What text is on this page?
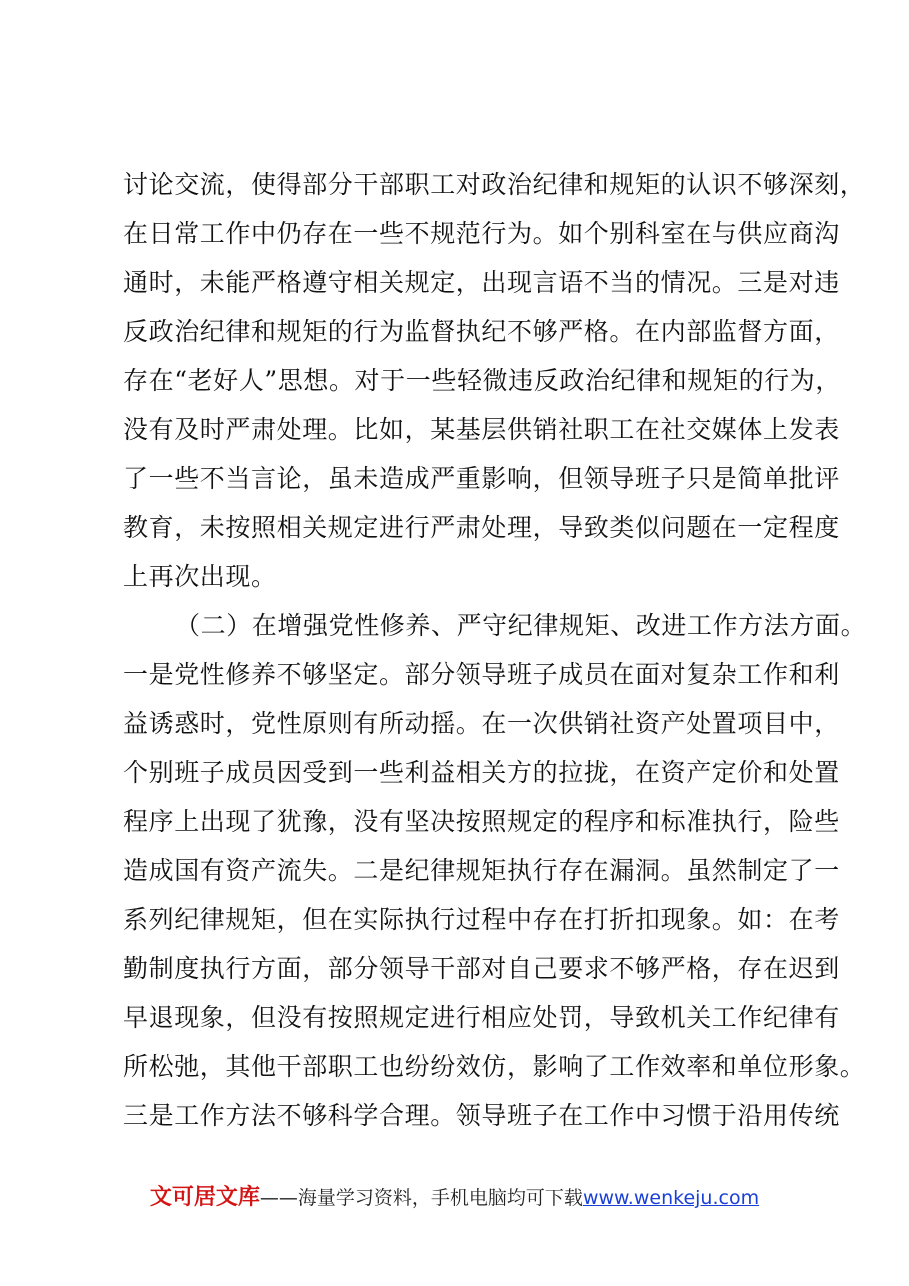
讨论交流，使得部分干部职工对政治纪律和规矩的认识不够深刻，
在日常工作中仍存在一些不规范行为。如个别科室在与供应商沟
通时，未能严格遵守相关规定，出现言语不当的情况。三是对违
反政治纪律和规矩的行为监督执纪不够严格。在内部监督方面，
存在“老好人”思想。对于一些轻微违反政治纪律和规矩的行为，
没有及时严肃处理。比如，某基层供销社职工在社交媒体上发表
了一些不当言论，虽未造成严重影响，但领导班子只是简单批评
教育，未按照相关规定进行严肃处理，导致类似问题在一定程度
上再次出现。
（二）在增强党性修养、严守纪律规矩、改进工作方法方面。
一是党性修养不够坚定。部分领导班子成员在面对复杂工作和利
益诱惑时，党性原则有所动摇。在一次供销社资产处置项目中，
个别班子成员因受到一些利益相关方的拉拢，在资产定价和处置
程序上出现了犹豫，没有坚决按照规定的程序和标准执行，险些
造成国有资产流失。二是纪律规矩执行存在漏洞。虽然制定了一
系列纪律规矩，但在实际执行过程中存在打折扣现象。如：在考
勤制度执行方面，部分领导干部对自己要求不够严格，存在迟到
早退现象，但没有按照规定进行相应处罚，导致机关工作纪律有
所松弛，其他干部职工也纷纷效仿，影响了工作效率和单位形象。
三是工作方法不够科学合理。领导班子在工作中习惯于沿用传统
文可居文库——海量学习资料，手机电脑均可下载www.wenkeju.com
